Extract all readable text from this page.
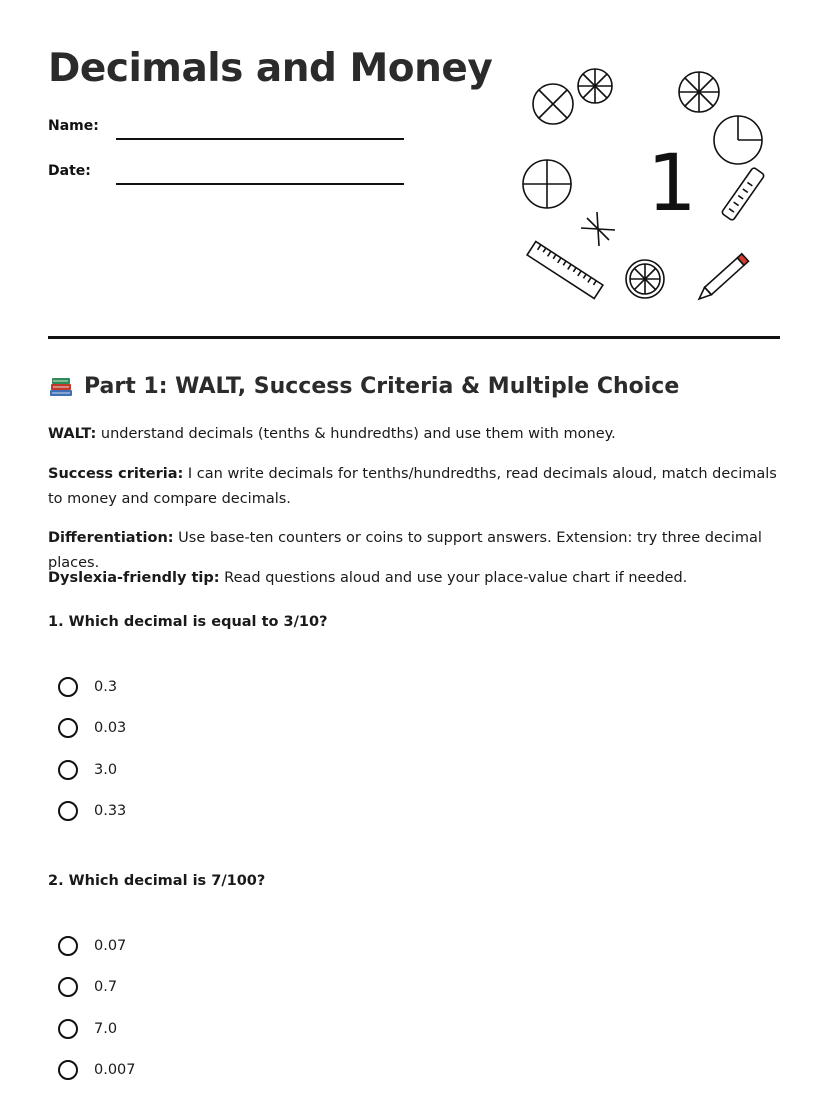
Decimals and Money
Name:
Date:	1
Part 1: WALT, Success Criteria & Multiple Choice

WALT: understand decimals (tenths & hundredths) and use them with money.

Success criteria: I can write decimals for tenths/hundredths, read decimals aloud, match decimals to money and compare decimals.

Differentiation: Use base-ten counters or coins to support answers. Extension: try three decimal places.

Dyslexia-friendly tip: Read questions aloud and use your place-value chart if needed.

1. Which decimal is equal to 3/10?

0.3
0.03
3.0
0.33

2. Which decimal is 7/100?

0.07
0.7
7.0
0.007
